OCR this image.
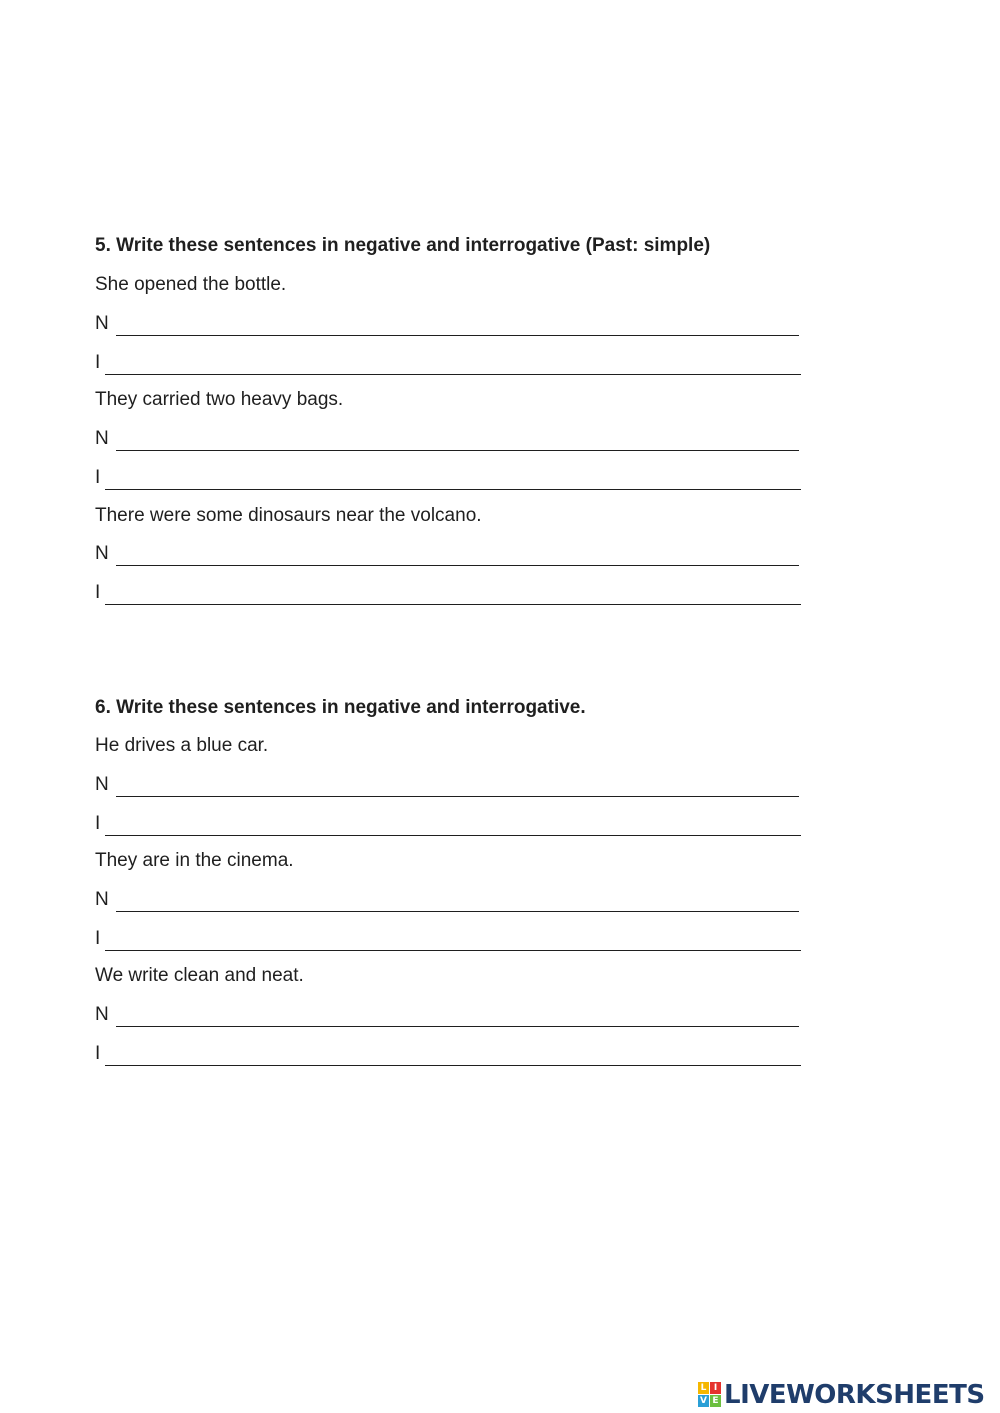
5. Write these sentences in negative and interrogative (Past: simple)
She opened the bottle.
N
I
They carried two heavy bags.
N
I
There were some dinosaurs near the volcano.
N
I
6. Write these sentences in negative and interrogative.
He drives a blue car.
N
I
They are in the cinema.
N
I
We write clean and neat.
N
I
L I
V E LIVEWORKSHEETS
